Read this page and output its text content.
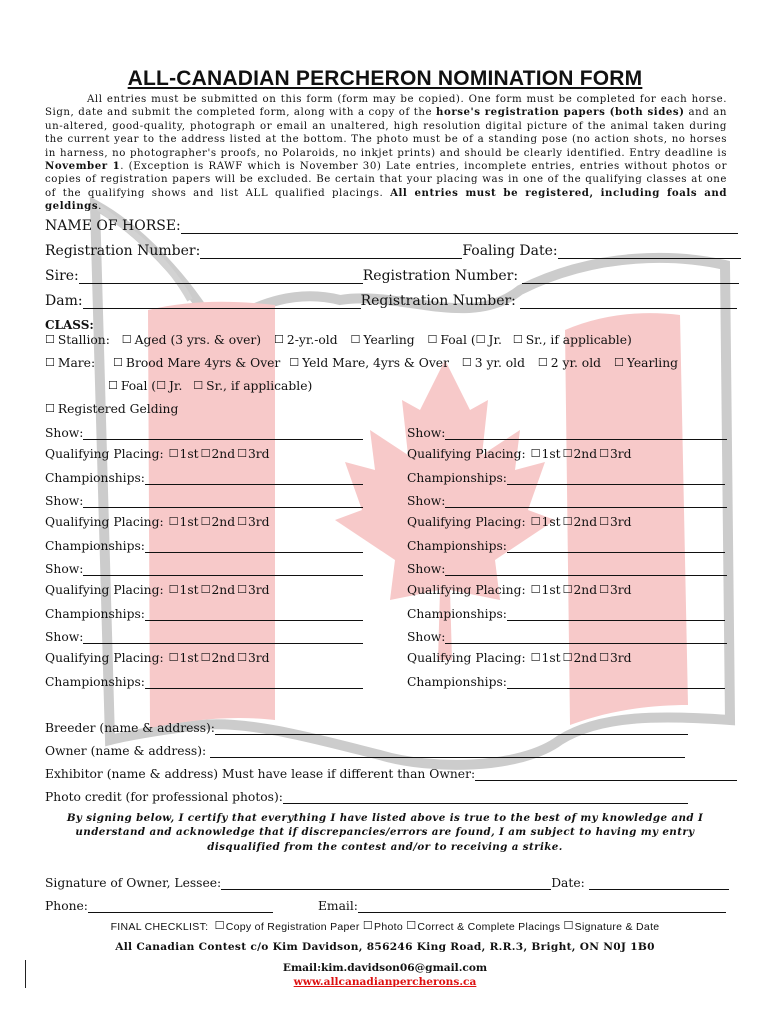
ALL-CANADIAN PERCHERON NOMINATION FORM
All entries must be submitted on this form (form may be copied). One form must be completed for each horse. Sign, date and submit the completed form, along with a copy of the horse's registration papers (both sides) and an un-altered, good-quality, photograph or email an unaltered, high resolution digital picture of the animal taken during the current year to the address listed at the bottom. The photo must be of a standing pose (no action shots, no horses in harness, no photographer's proofs, no Polaroids, no inkjet prints) and should be clearly identified. Entry deadline is November 1. (Exception is RAWF which is November 30) Late entries, incomplete entries, entries without photos or copies of registration papers will be excluded. Be certain that your placing was in one of the qualifying classes at one of the qualifying shows and list ALL qualified placings. All entries must be registered, including foals and geldings.
NAME OF HORSE:
Registration Number:	Foaling Date:
Sire:	Registration Number:
Dam:	Registration Number:
CLASS:
☐ Stallion: ☐ Aged (3 yrs. & over) ☐ 2-yr.-old ☐ Yearling ☐ Foal (☐ Jr. ☐ Sr., if applicable)
☐ Mare: ☐ Brood Mare 4yrs & Over ☐ Yeld Mare, 4yrs & Over ☐ 3 yr. old ☐ 2 yr. old ☐ Yearling
☐ Foal (☐ Jr. ☐ Sr., if applicable)
☐ Registered Gelding
Show:
Qualifying Placing: ☐ 1st ☐ 2nd ☐ 3rd
Championships:
Show:
Qualifying Placing: ☐ 1st ☐ 2nd ☐ 3rd
Championships:
Show:
Qualifying Placing: ☐ 1st ☐ 2nd ☐ 3rd
Championships:
Show:
Qualifying Placing: ☐ 1st ☐ 2nd ☐ 3rd
Championships:
Show:
Qualifying Placing: ☐ 1st ☐ 2nd ☐ 3rd
Championships:
Show:
Qualifying Placing: ☐ 1st ☐ 2nd ☐ 3rd
Championships:
Show:
Qualifying Placing: ☐ 1st ☐ 2nd ☐ 3rd
Championships:
Show:
Qualifying Placing: ☐ 1st ☐ 2nd ☐ 3rd
Championships:
Breeder (name & address):
Owner (name & address):
Exhibitor (name & address) Must have lease if different than Owner:
Photo credit (for professional photos):
By signing below, I certify that everything I have listed above is true to the best of my knowledge and I understand and acknowledge that if discrepancies/errors are found, I am subject to having my entry disqualified from the contest and/or to receiving a strike.
Signature of Owner, Lessee:	Date:
Phone:	Email:
FINAL CHECKLIST: ☐Copy of Registration Paper ☐Photo ☐Correct & Complete Placings ☐Signature & Date
All Canadian Contest c/o Kim Davidson, 856246 King Road, R.R.3, Bright, ON N0J 1B0
Email:kim.davidson06@gmail.com
www.allcanadianpercherons.ca
